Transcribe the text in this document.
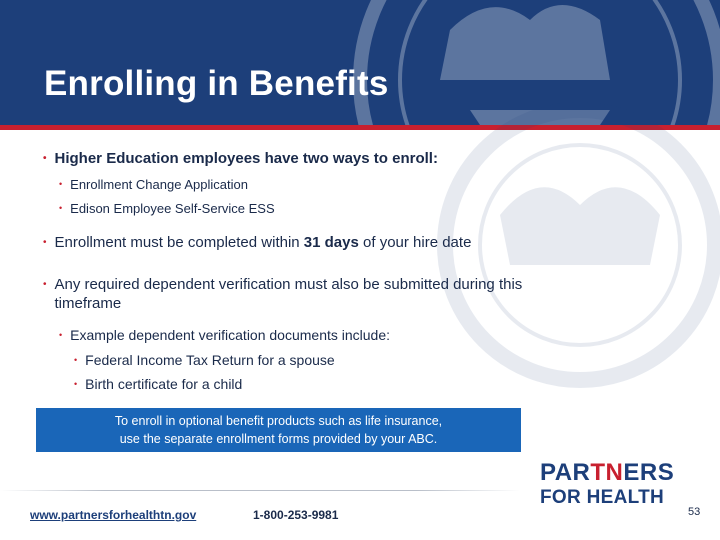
Enrolling in Benefits
• Higher Education employees have two ways to enroll:
• Enrollment Change Application
• Edison Employee Self-Service ESS
• Enrollment must be completed within 31 days of your hire date
• Any required dependent verification must also be submitted during this
timeframe
• Example dependent verification documents include:
• Federal Income Tax Return for a spouse
• Birth certificate for a child
To enroll in optional benefit products such as life insurance,
use the separate enrollment forms provided by your ABC.
www.partnersforhealthtn.gov	1-800-253-9981
PARTNERS
FOR HEALTH
53
